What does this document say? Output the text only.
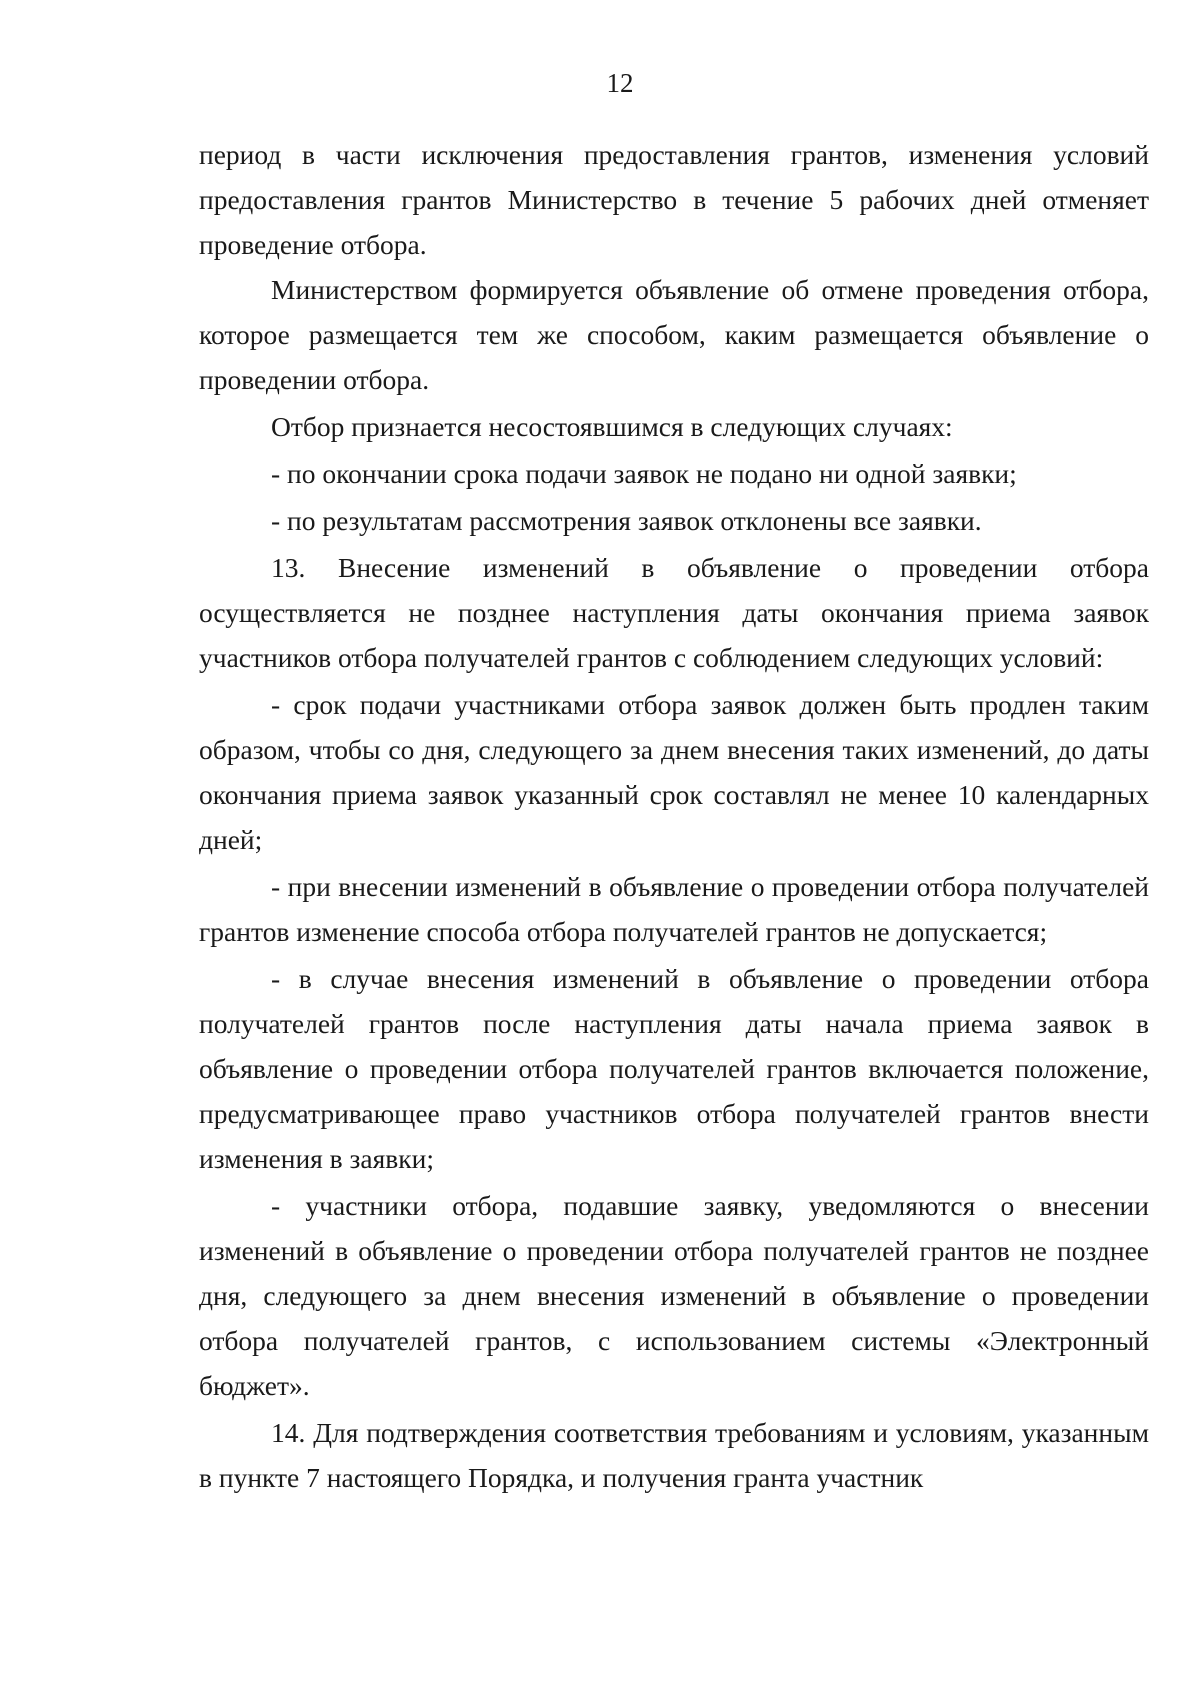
12

период в части исключения предоставления грантов, изменения условий предоставления грантов Министерство в течение 5 рабочих дней отменяет проведение отбора.

Министерством формируется объявление об отмене проведения отбора, которое размещается тем же способом, каким размещается объявление о проведении отбора.

Отбор признается несостоявшимся в следующих случаях:

- по окончании срока подачи заявок не подано ни одной заявки;

- по результатам рассмотрения заявок отклонены все заявки.

13. Внесение изменений в объявление о проведении отбора осуществляется не позднее наступления даты окончания приема заявок участников отбора получателей грантов с соблюдением следующих условий:

- срок подачи участниками отбора заявок должен быть продлен таким образом, чтобы со дня, следующего за днем внесения таких изменений, до даты окончания приема заявок указанный срок составлял не менее 10 календарных дней;

- при внесении изменений в объявление о проведении отбора получателей грантов изменение способа отбора получателей грантов не допускается;

- в случае внесения изменений в объявление о проведении отбора получателей грантов после наступления даты начала приема заявок в объявление о проведении отбора получателей грантов включается положение, предусматривающее право участников отбора получателей грантов внести изменения в заявки;

- участники отбора, подавшие заявку, уведомляются о внесении изменений в объявление о проведении отбора получателей грантов не позднее дня, следующего за днем внесения изменений в объявление о проведении отбора получателей грантов, с использованием системы «Электронный бюджет».

14. Для подтверждения соответствия требованиям и условиям, указанным в пункте 7 настоящего Порядка, и получения гранта участник
